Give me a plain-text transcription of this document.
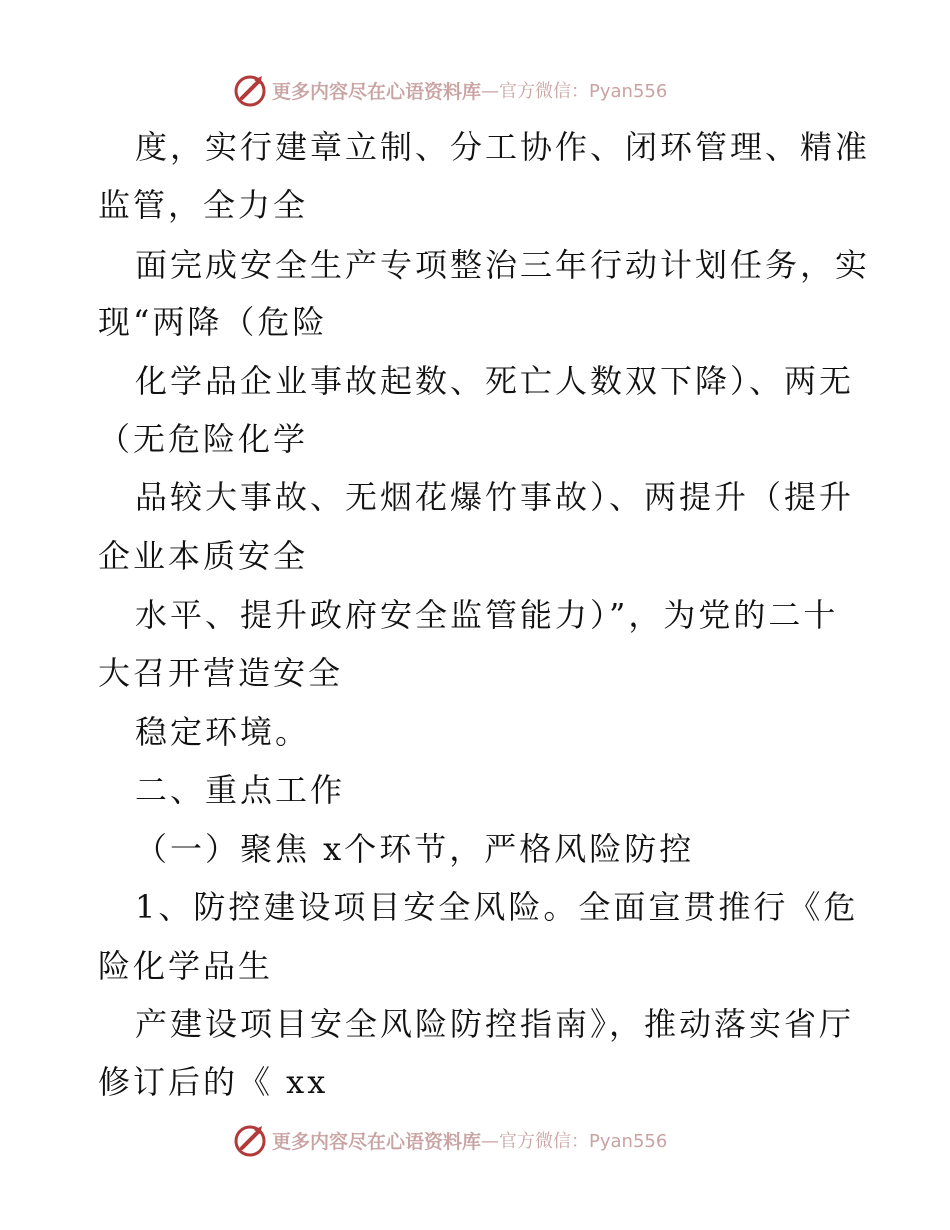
更多内容尽在心语资料库 —官方微信：Pyan556
度，实行建章立制、分工协作、闭环管理、精准
监管，全力全
面完成安全生产专项整治三年行动计划任务，实
现“两降（危险
化学品企业事故起数、死亡人数双下降）、两无
（无危险化学
品较大事故、无烟花爆竹事故）、两提升（提升
企业本质安全
水平、提升政府安全监管能力）”，为党的二十
大召开营造安全
稳定环境。
二、重点工作
（一）聚焦 x个环节，严格风险防控
1、防控建设项目安全风险。全面宣贯推行《危
险化学品生
产建设项目安全风险防控指南》，推动落实省厅
修订后的《 xx
更多内容尽在心语资料库 —官方微信：Pyan556
